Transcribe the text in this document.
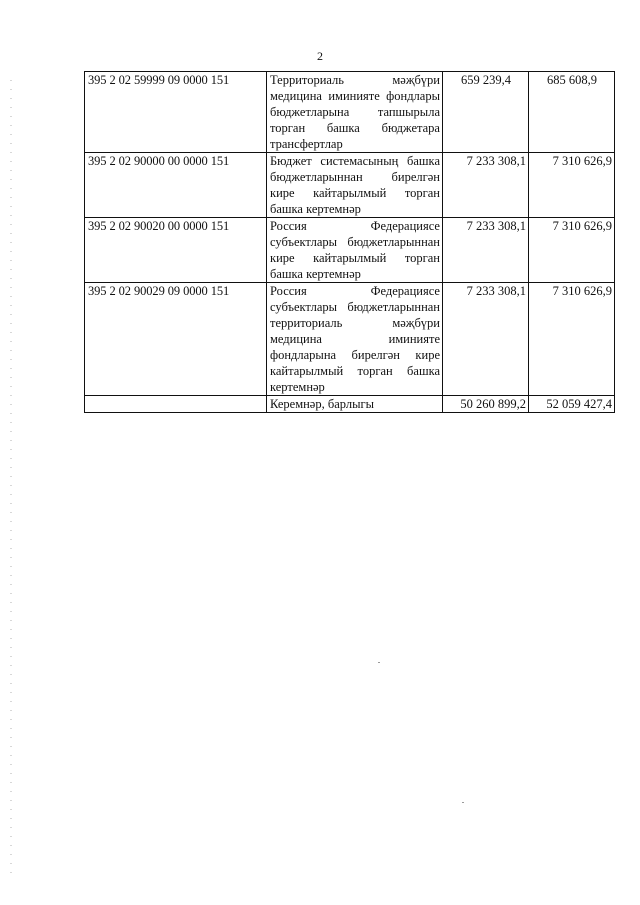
2
395 2 02 59999 09 0000 151	Территориаль мәҗбүри медицина иминияте фондлары бюджетларына тапшырыла торган башка бюджетара трансфертлар	659 239,4	685 608,9
395 2 02 90000 00 0000 151	Бюджет системасының башка бюджетларыннан бирелгән кире кайтарылмый торган башка кертемнәр	7 233 308,1	7 310 626,9
395 2 02 90020 00 0000 151	Россия Федерациясе субъектлары бюджетларыннан кире кайтарылмый торган башка кертемнәр	7 233 308,1	7 310 626,9
395 2 02 90029 09 0000 151	Россия Федерациясе субъектлары бюджетларыннан территориаль мәҗбүри медицина иминияте фондларына бирелгән кире кайтарылмый торган башка кертемнәр	7 233 308,1	7 310 626,9
	Керемнәр, барлыгы	50 260 899,2	52 059 427,4
